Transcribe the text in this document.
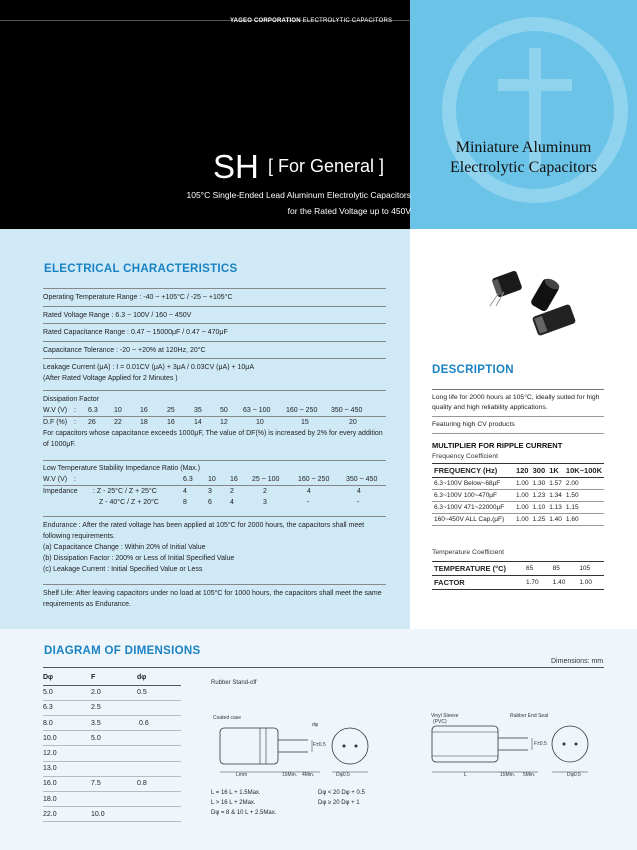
YAGEO CORPORATION ELECTROLYTIC CAPACITORS
SH [ For General ]
105°C Single-Ended Lead Aluminum Electrolytic Capacitors
for the Rated Voltage up to 450V
Miniature Aluminum
Electrolytic Capacitors
ELECTRICAL CHARACTERISTICS
Operating Temperature Range : -40 ~ +105°C / -25 ~ +105°C
Rated Voltage Range : 6.3 ~ 100V / 160 ~ 450V
Rated Capacitance Range : 0.47 ~ 15000μF / 0.47 ~ 470μF
Capacitance Tolerance : -20 ~ +20% at 120Hz, 20°C
Leakage Current (μA) : I = 0.01CV (μA) + 3μA / 0.03CV (μA) + 10μA
(After Rated Voltage Applied for 2 Minutes )
Dissipation Factor
W.V (V) :	6.3	10	16	25	35	50	63 ~ 100	160 ~ 250	350 ~ 450
D.F (%) :	26	22	18	16	14	12	10	15	20
For capacitors whose capacitance exceeds 1000μF, The value of DF(%) is increased by 2% for every addition of 1000μF.
Low Temperature Stability Impedance Ratio (Max.)
W.V (V) :	6.3	10	16	25 ~ 100	160 ~ 250	350 ~ 450
Impedance	: Z - 25°C / Z + 25°C	4	3	2	2	4	4
Z - 40°C / Z + 20°C	8	6	4	3	-	-
Endurance : After the rated voltage has been applied at 105°C for 2000 hours, the capacitors shall meet following requirements.
(a) Capacitance Change : Within 20% of Initial Value
(b) Dissipation Factor : 200% or Less of Initial Specified Value
(c) Leakage Current : Initial Specified Value or Less
Shelf Life: After leaving capacitors under no load at 105°C for 1000 hours, the capacitors shall meet the same requirements as Endurance.
DESCRIPTION
Long life for 2000 hours at 105°C, ideally suited for high quality and high reliability applications.
Featuring high CV products
MULTIPLIER FOR RIPPLE CURRENT
Frequency Coefficient
FREQUENCY (Hz)	120	300	1K	10K~100K
6.3~100V Below~68μF	1.00	1.30	1.57	2.00
6.3~100V 100~470μF	1.00	1.23	1.34	1.50
6.3~100V 471~22000μF	1.00	1.10	1.13	1.15
160~450V ALL Cap.(μF)	1.00	1.25	1.40	1.60
Temperature Coefficient
TEMPERATURE (°C)	65	85	105
FACTOR	1.70	1.40	1.00
DIAGRAM OF DIMENSIONS
Dimensions: mm
Dφ	F	dφ
5.0	2.0	0.5
6.3	2.5	
8.0	3.5	0.6
10.0	5.0	
12.0		
13.0		
16.0	7.5	0.8
18.0		
22.0	10.0	
Rubber Stand-off
Coated case
Lmm	15Min. 4Min.	Dφ0.5
F±0.5
Vinyl Sleeve
(PVC)
Rubber End Seal
L	15Min. 5Min.	Dφ0.5
F±0.5
dφ
L = 16 L + 1.5Max.
L > 16 L + 2Max.
Dφ = 8 & 10 L + 2.5Max.
Dφ < 20 Dφ + 0.5
Dφ ≥ 20 Dφ + 1
